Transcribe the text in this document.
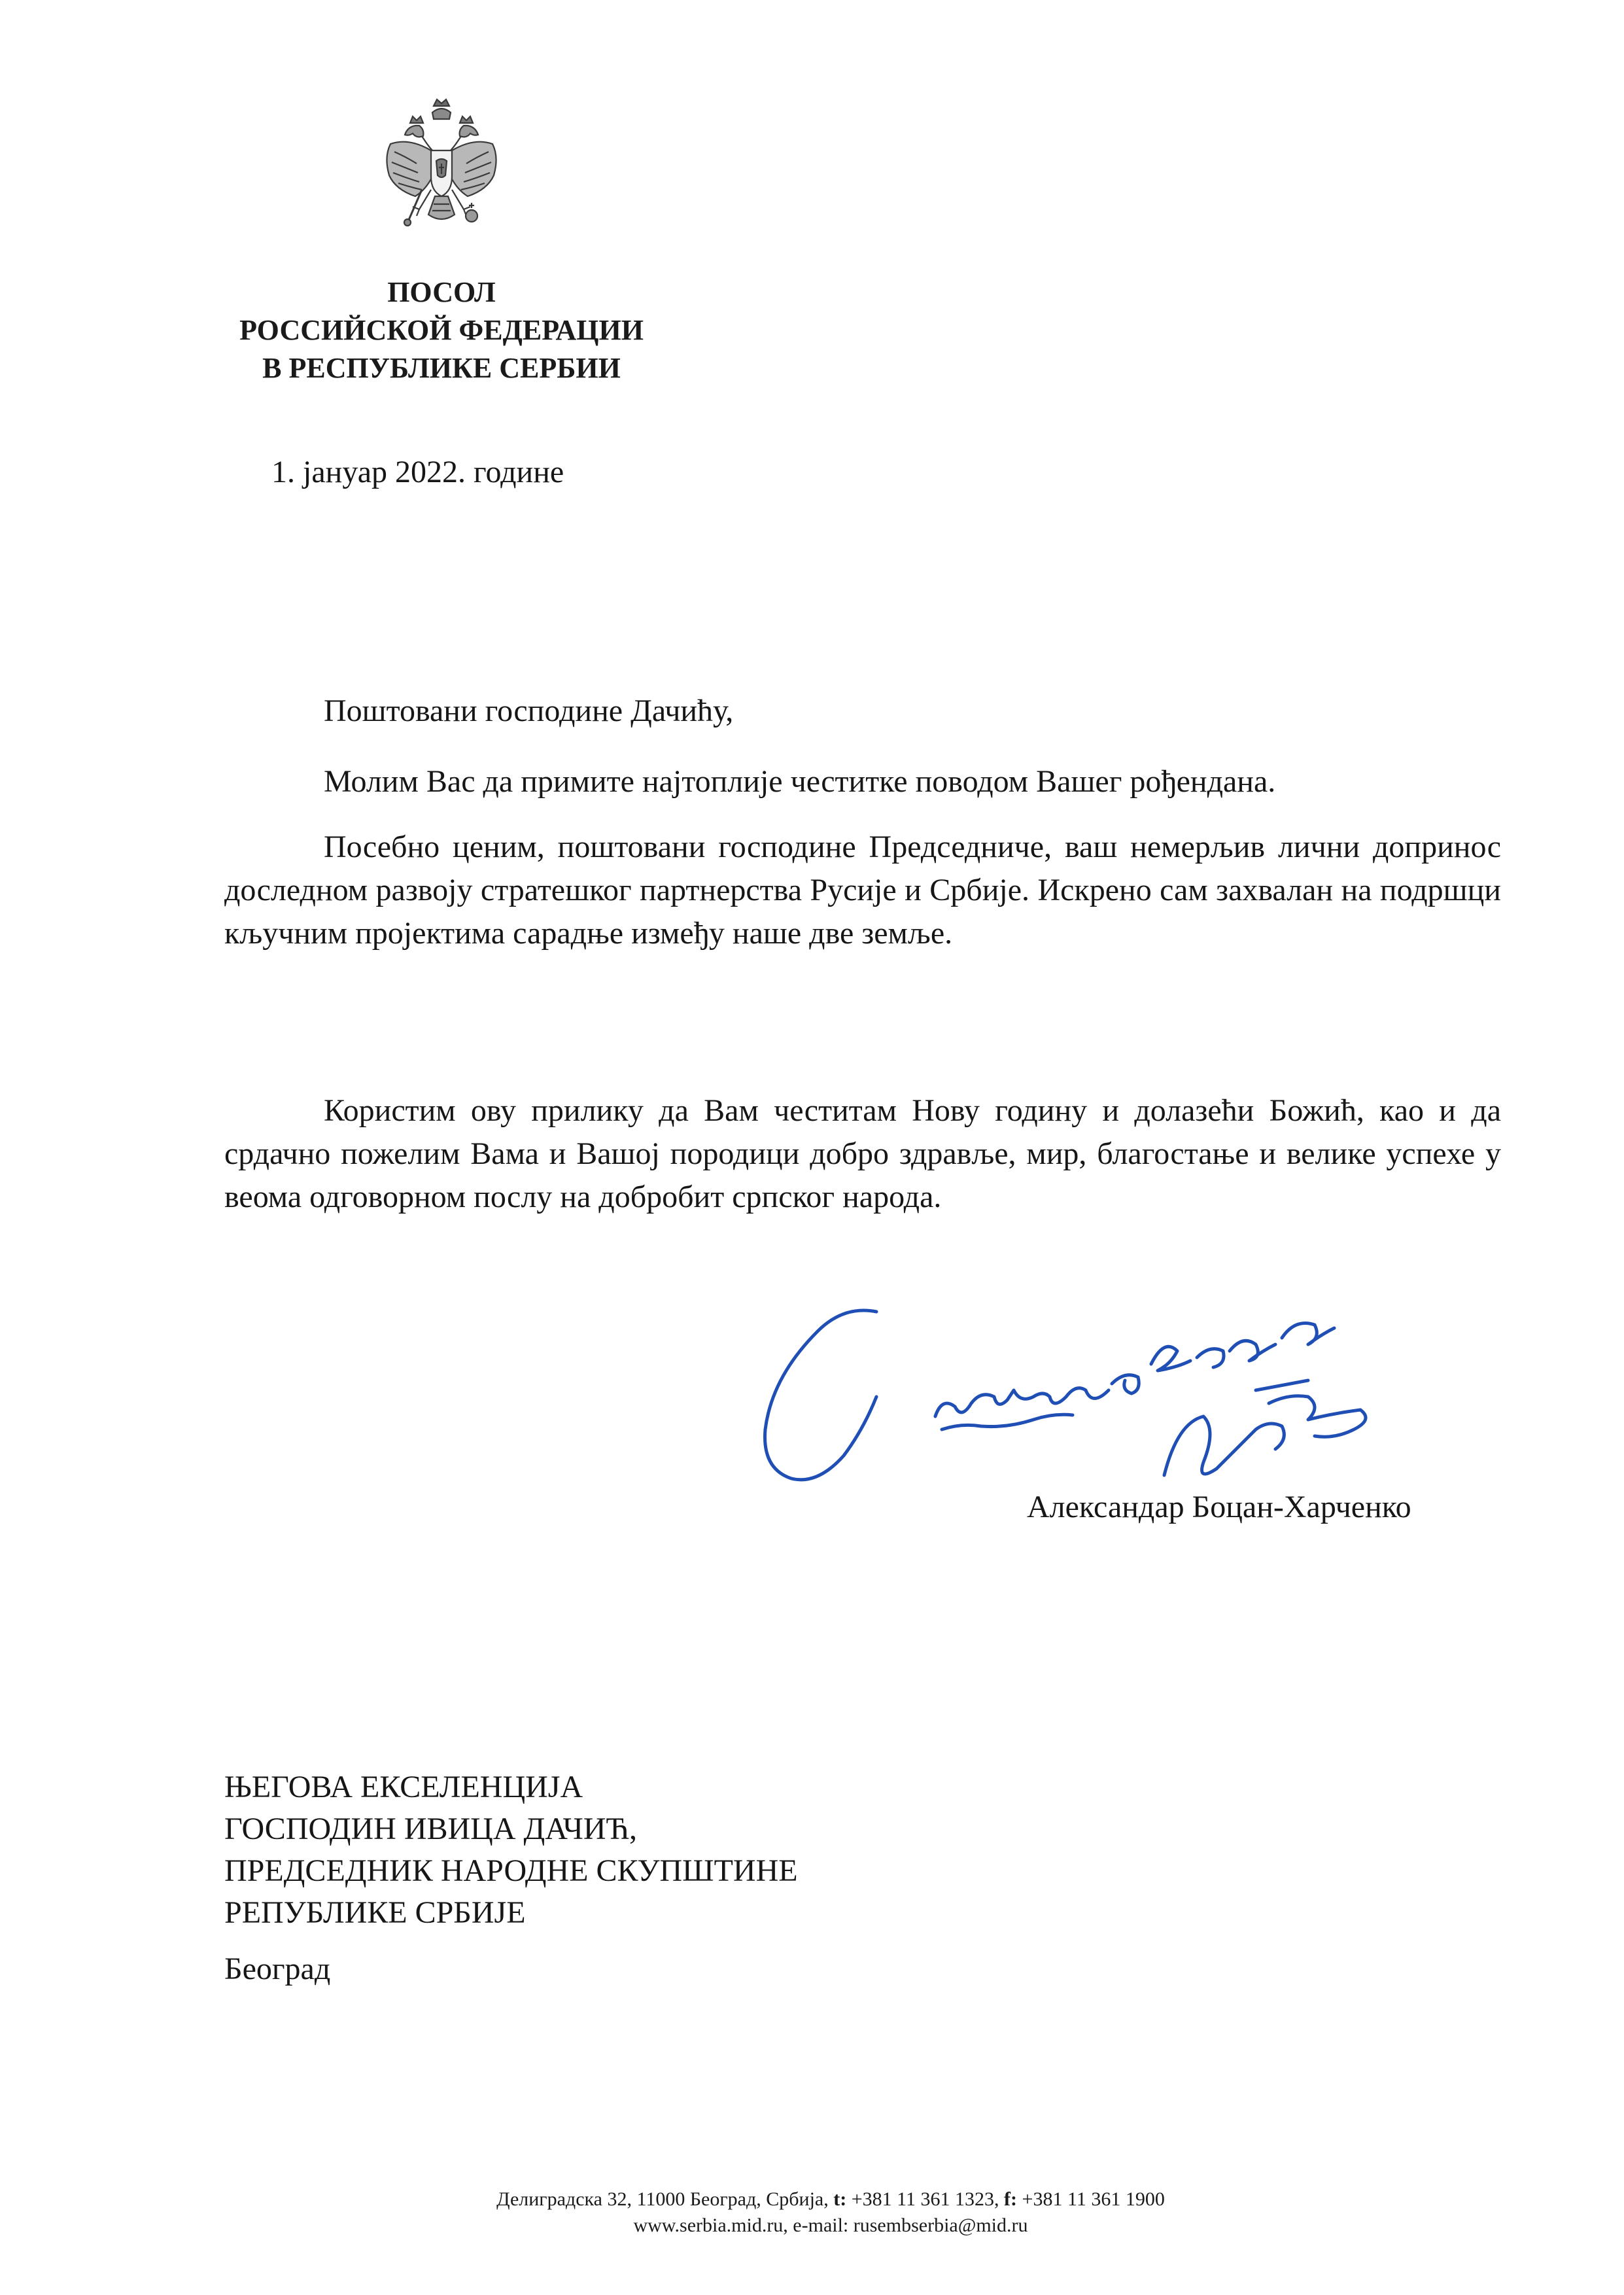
ПОСОЛ
РОССИЙСКОЙ ФЕДЕРАЦИИ
В РЕСПУБЛИКЕ СЕРБИИ
1. јануар 2022. године
Поштовани господине Дачићу,

Молим Вас да примите најтоплије честитке поводом Вашег рођендана.

Посебно ценим, поштовани господине Председниче, ваш немерљив лични допринос доследном развоју стратешког партнерства Русије и Србије. Искрено сам захвалан на подршци кључним пројектима сарадње између наше две земље.

Користим ову прилику да Вам честитам Нову годину и долазећи Божић, као и да срдачно пожелим Вама и Вашој породици добро здравље, мир, благостање и велике успехе у веома одговорном послу на добробит српског народа.

Александар Боцан-Харченко
ЊЕГОВА ЕКСЕЛЕНЦИЈА
ГОСПОДИН ИВИЦА ДАЧИЋ,
ПРЕДСЕДНИК НАРОДНЕ СКУПШТИНЕ
РЕПУБЛИКЕ СРБИЈЕ
Београд
Делиградска 32, 11000 Београд, Србија, t: +381 11 361 1323, f: +381 11 361 1900
www.serbia.mid.ru, e-mail: rusembserbia@mid.ru
